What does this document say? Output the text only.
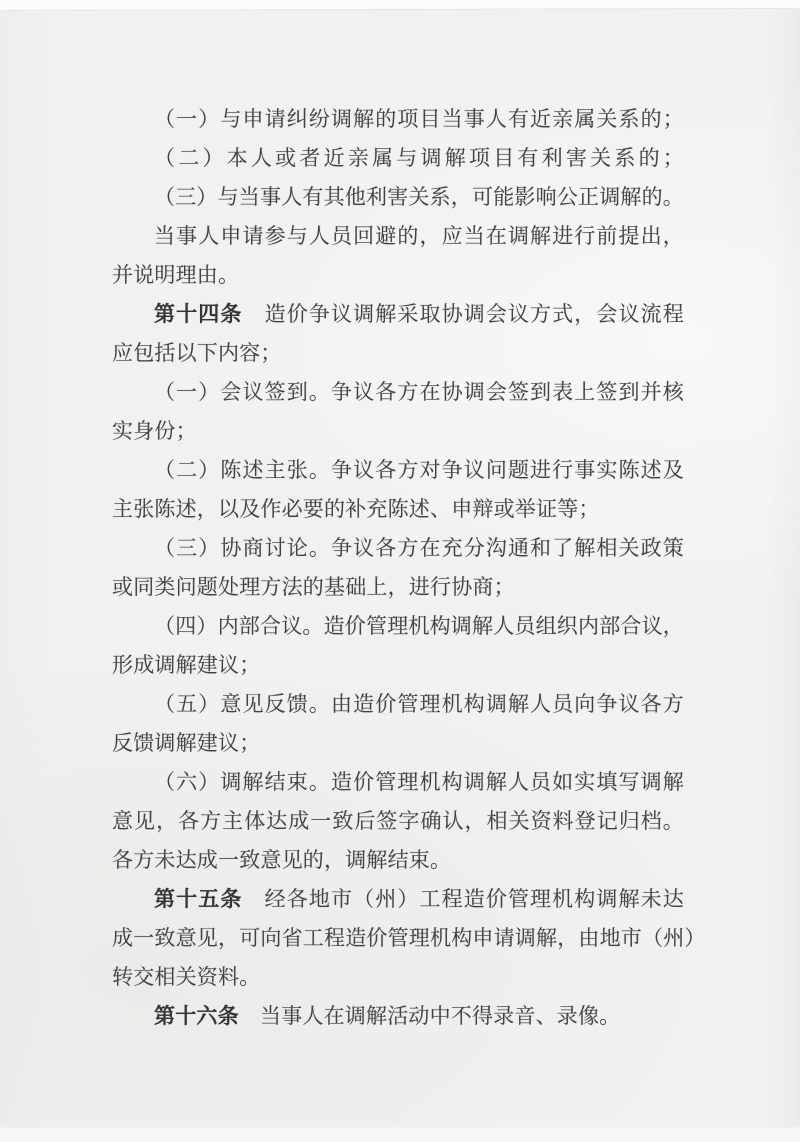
（一）与申请纠纷调解的项目当事人有近亲属关系的；
（二）本人或者近亲属与调解项目有利害关系的；
（三）与当事人有其他利害关系，可能影响公正调解的。
当事人申请参与人员回避的，应当在调解进行前提出，
并说明理由。
第十四条　造价争议调解采取协调会议方式，会议流程
应包括以下内容；
（一）会议签到。争议各方在协调会签到表上签到并核
实身份；
（二）陈述主张。争议各方对争议问题进行事实陈述及
主张陈述，以及作必要的补充陈述、申辩或举证等；
（三）协商讨论。争议各方在充分沟通和了解相关政策
或同类问题处理方法的基础上，进行协商；
（四）内部合议。造价管理机构调解人员组织内部合议，
形成调解建议；
（五）意见反馈。由造价管理机构调解人员向争议各方
反馈调解建议；
（六）调解结束。造价管理机构调解人员如实填写调解
意见，各方主体达成一致后签字确认，相关资料登记归档。
各方未达成一致意见的，调解结束。
第十五条　经各地市（州）工程造价管理机构调解未达
成一致意见，可向省工程造价管理机构申请调解，由地市（州）
转交相关资料。
第十六条　当事人在调解活动中不得录音、录像。
